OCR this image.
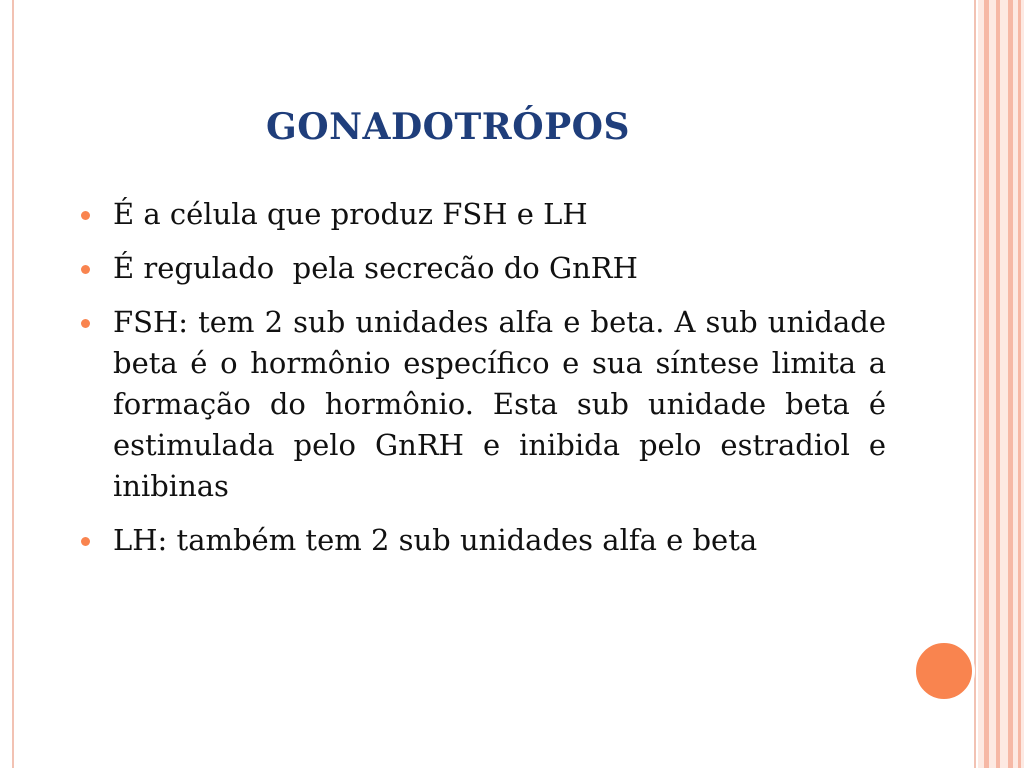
GONADOTRÓPOS
É a célula que produz FSH e LH
É regulado  pela secrecão do GnRH
FSH: tem 2 sub unidades alfa e beta. A sub unidade beta é o hormônio específico e sua síntese limita a formação do hormônio. Esta sub unidade beta é estimulada pelo GnRH e inibida pelo estradiol e inibinas
LH: também tem 2 sub unidades alfa e beta
